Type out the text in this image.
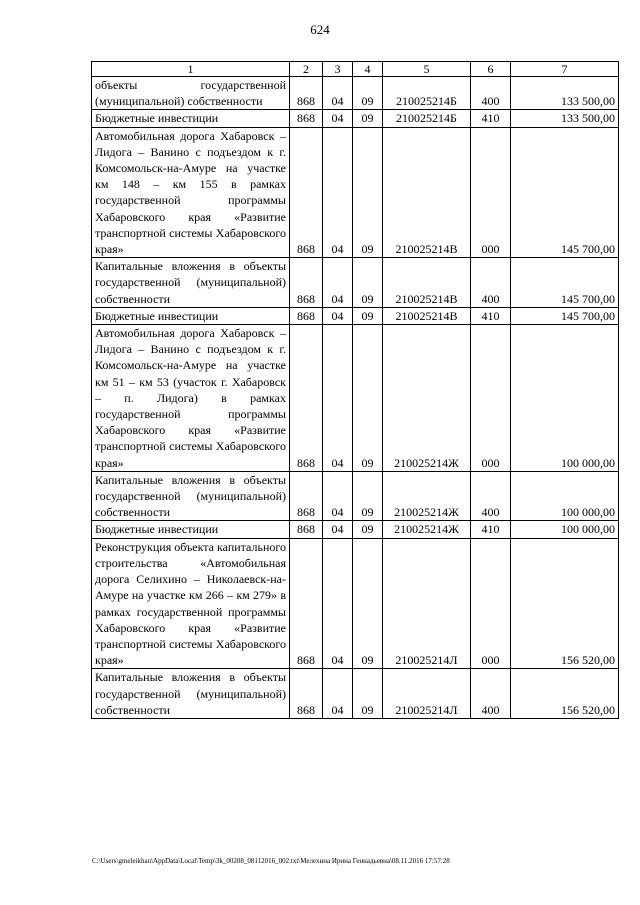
624
1	2	3	4	5	6	7
объекты государственной (муниципальной) собственности	868	04	09	210025214Б	400	133 500,00
Бюджетные инвестиции	868	04	09	210025214Б	410	133 500,00
Автомобильная дорога Хабаровск – Лидога – Ванино с подъездом к г. Комсомольск-на-Амуре на участке км 148 – км 155 в рамках государственной программы Хабаровского края «Развитие транспортной системы Хабаровского края»	868	04	09	210025214В	000	145 700,00
Капитальные вложения в объекты государственной (муниципальной) собственности	868	04	09	210025214В	400	145 700,00
Бюджетные инвестиции	868	04	09	210025214В	410	145 700,00
Автомобильная дорога Хабаровск – Лидога – Ванино с подъездом к г. Комсомольск-на-Амуре на участке км 51 – км 53 (участок г. Хабаровск – п. Лидога) в рамках государственной программы Хабаровского края «Развитие транспортной системы Хабаровского края»	868	04	09	210025214Ж	000	100 000,00
Капитальные вложения в объекты государственной (муниципальной) собственности	868	04	09	210025214Ж	400	100 000,00
Бюджетные инвестиции	868	04	09	210025214Ж	410	100 000,00
Реконструкция объекта капитального строительства «Автомобильная дорога Селихино – Николаевск-на-Амуре на участке км 266 – км 279» в рамках государственной программы Хабаровского края «Развитие транспортной системы Хабаровского края»	868	04	09	210025214Л	000	156 520,00
Капитальные вложения в объекты государственной (муниципальной) собственности	868	04	09	210025214Л	400	156 520,00
C:\Users\gmeleikhan\AppData\Local\Temp\3k_00208_08112016_002.txt\Мелехина Ирина Геннадьевна\08.11.2016 17:57:28
